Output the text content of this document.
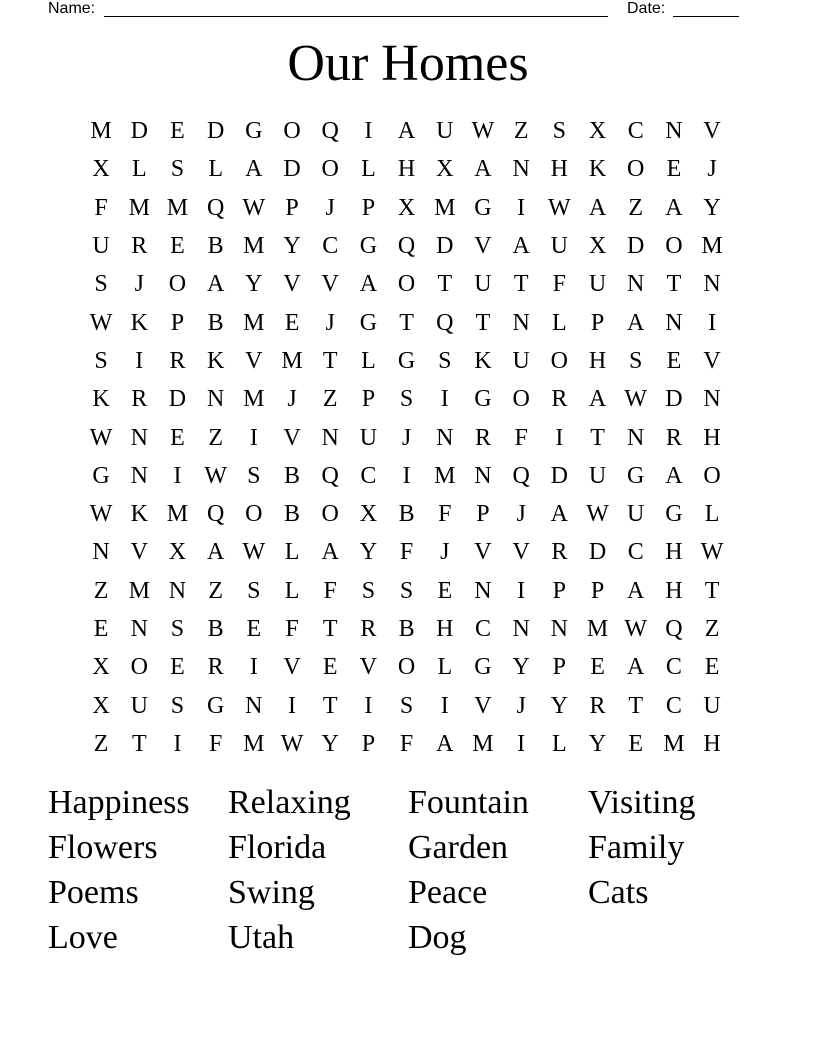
Name:	Date:
Our Homes
M D E D G O Q	I	A U W Z	S X C N V
X L	S	L A D O L H X A N H K O E	J
F M M Q W P	J	P X M G	I W A Z A Y
U R E B M Y C G Q D V A U X D O M
S	J	O A Y V V A O T U T	F U N T N
W K P B M E	J	G T Q T N L	P A N	I
S	I	R K V M T L G S K U O H S	E V
K R D N M J	Z	P	S	I	G O R A W D N
W N E Z	I	V N U	J	N R F	I	T N R H
G N	I W S B Q C	I M N Q D U G A O
W K M Q O B O X B F	P	J	A W U G L
N V X A W L A Y F	J	V V R D C H W
Z M N Z	S	L	F	S	S	E N	I	P	P A H T
E N S B E	F	T R B H C N N M W Q Z
X O E R	I	V E V O L G Y P	E A C E
X U S G N	I	T	I	S	I	V	J	Y R T C U
Z T	I	F M W Y P	F A M I	L Y E M H
Happiness	Relaxing	Fountain	Visiting
Flowers	Florida	Garden	Family
Poems	Swing	Peace	Cats
Love	Utah	Dog
